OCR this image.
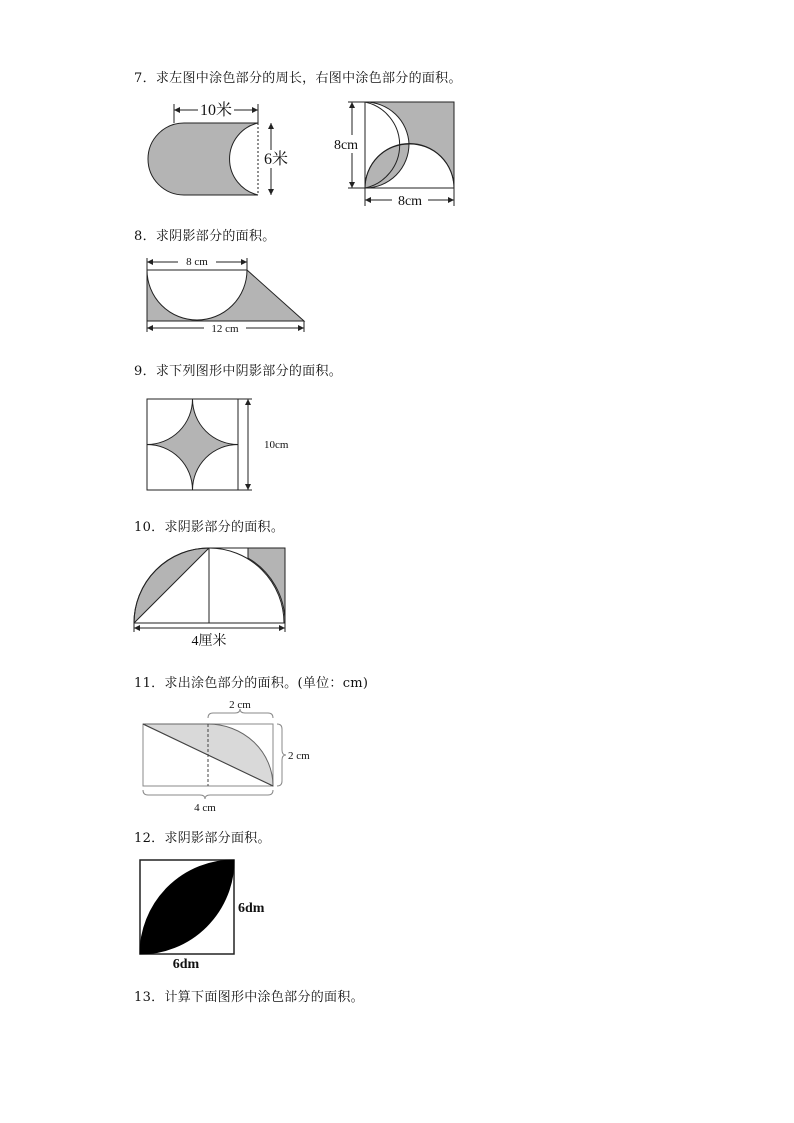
7．求左图中涂色部分的周长，右图中涂色部分的面积。
10米
6米
8cm
8cm
8．求阴影部分的面积。
8 cm
12 cm
9．求下列图形中阴影部分的面积。
10cm
10．求阴影部分的面积。
4厘米
11．求出涂色部分的面积。(单位：cm)
2 cm
2 cm
4 cm
12．求阴影部分面积。
6dm
6dm
13．计算下面图形中涂色部分的面积。
